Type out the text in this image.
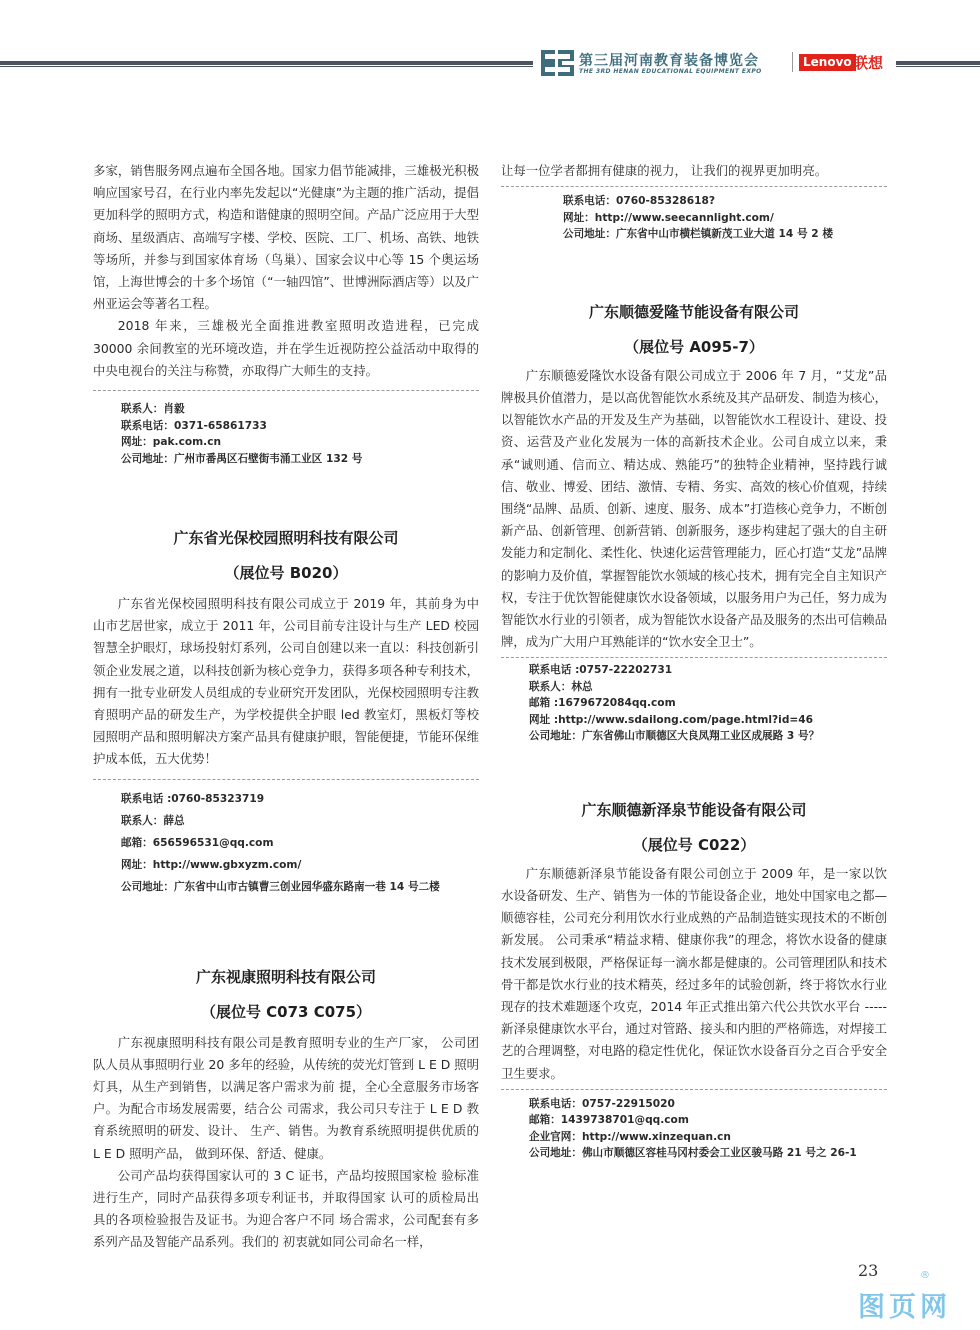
第三届河南教育装备博览会
THE 3RD HENAN EDUCATIONAL EQUIPMENT EXPO
Lenovo 联想

多家，销售服务网点遍布全国各地。国家力倡节能减排，三雄极光积极响应国家号召，在行业内率先发起以“光健康”为主题的推广活动，提倡更加科学的照明方式，构造和谐健康的照明空间。产品广泛应用于大型商场、星级酒店、高端写字楼、学校、医院、工厂、机场、高铁、地铁等场所，并参与到国家体育场（鸟巢）、国家会议中心等 15 个奥运场馆，上海世博会的十多个场馆（“一轴四馆”、世博洲际酒店等）以及广州亚运会等著名工程。

2018 年来，三雄极光全面推进教室照明改造进程，已完成 30000 余间教室的光环境改造，并在学生近视防控公益活动中取得的中央电视台的关注与称赞，亦取得广大师生的支持。

联系人：肖毅
联系电话：0371-65861733
网址：pak.com.cn
公司地址：广州市番禺区石壁街韦涌工业区 132 号

广东省光保校园照明科技有限公司

（展位号 B020）

广东省光保校园照明科技有限公司成立于 2019 年，其前身为中山市艺居世家，成立于 2011 年，公司目前专注设计与生产 LED 校园智慧全护眼灯，球场投射灯系列，公司自创建以来一直以：科技创新引领企业发展之道，以科技创新为核心竞争力，获得多项各种专利技术，拥有一批专业研发人员组成的专业研究开发团队，光保校园照明专注教育照明产品的研发生产，为学校提供全护眼 led 教室灯，黑板灯等校园照明产品和照明解决方案产品具有健康护眼，智能便捷，节能环保维护成本低，五大优势！

联系电话 :0760-85323719
联系人：薛总
邮箱：656596531@qq.com
网址：http://www.gbxyzm.com/
公司地址：广东省中山市古镇曹三创业园华盛东路南一巷 14 号二楼

广东视康照明科技有限公司

（展位号 C073 C075）

广东视康照明科技有限公司是教育照明专业的生产厂家， 公司团队人员从事照明行业 20 多年的经验，从传统的荧光灯管到 L E D 照明灯具，从生产到销售，以满足客户需求为前 提，全心全意服务市场客户。为配合市场发展需要，结合公 司需求，我公司只专注于 L E D 教育系统照明的研发、设计、 生产、销售。为教育系统照明提供优质的 L E D 照明产品， 做到环保、舒适、健康。

公司产品均获得国家认可的 3 C 证书，产品均按照国家检 验标准进行生产，同时产品获得多项专利证书，并取得国家 认可的质检局出具的各项检验报告及证书。为迎合客户不同 场合需求，公司配套有多系列产品及智能产品系列。我们的 初衷就如同公司命名一样，

让每一位学者都拥有健康的视力， 让我们的视界更加明亮。

联系电话：0760-85328618?
网址：http://www.seecannlight.com/
公司地址：广东省中山市横栏镇新茂工业大道 14 号 2 楼

广东顺德爱隆节能设备有限公司

（展位号 A095-7）

广东顺德爱隆饮水设备有限公司成立于 2006 年 7 月，“艾龙”品牌极具价值潜力，是以高优智能饮水系统及其产品研发、制造为核心，以智能饮水产品的开发及生产为基础，以智能饮水工程设计、建设、投资、运营及产业化发展为一体的高新技术企业。公司自成立以来，秉承“诚则通、信而立、精达成、熟能巧”的独特企业精神，坚持践行诚信、敬业、博爱、团结、激情、专精、务实、高效的核心价值观，持续围绕“品牌、品质、创新、速度、服务、成本”打造核心竞争力，不断创新产品、创新管理、创新营销、创新服务，逐步构建起了强大的自主研发能力和定制化、柔性化、快速化运营管理能力，匠心打造“艾龙”品牌的影响力及价值，掌握智能饮水领域的核心技术，拥有完全自主知识产权，专注于优饮智能健康饮水设备领域，以服务用户为己任，努力成为智能饮水行业的引领者，成为智能饮水设备产品及服务的杰出可信赖品牌，成为广大用户耳熟能详的“饮水安全卫士”。

联系电话 :0757-22202731
联系人：林总
邮箱 :1679672084qq.com
网址 :http://www.sdailong.com/page.html?id=46
公司地址：广东省佛山市顺德区大良凤翔工业区成展路 3 号？

广东顺德新泽泉节能设备有限公司

（展位号 C022）

广东顺德新泽泉节能设备有限公司创立于 2009 年，是一家以饮水设备研发、生产、销售为一体的节能设备企业，地处中国家电之都—顺德容桂，公司充分利用饮水行业成熟的产品制造链实现技术的不断创新发展。 公司秉承“精益求精、健康你我”的理念，将饮水设备的健康技术发展到极限，严格保证每一滴水都是健康的。公司管理团队和技术骨干都是饮水行业的技术精英，经过多年的试验创新，终于将饮水行业现存的技术难题逐个攻克，2014 年正式推出第六代公共饮水平台 ----- 新泽泉健康饮水平台，通过对管路、接头和内胆的严格筛选，对焊接工艺的合理调整，对电路的稳定性优化，保证饮水设备百分之百合乎安全卫生要求。

联系电话：0757-22915020
邮箱：1439738701@qq.com
企业官网：http://www.xinzequan.cn
公司地址：佛山市顺德区容桂马冈村委会工业区骏马路 21 号之 26-1
23	®
图页网
